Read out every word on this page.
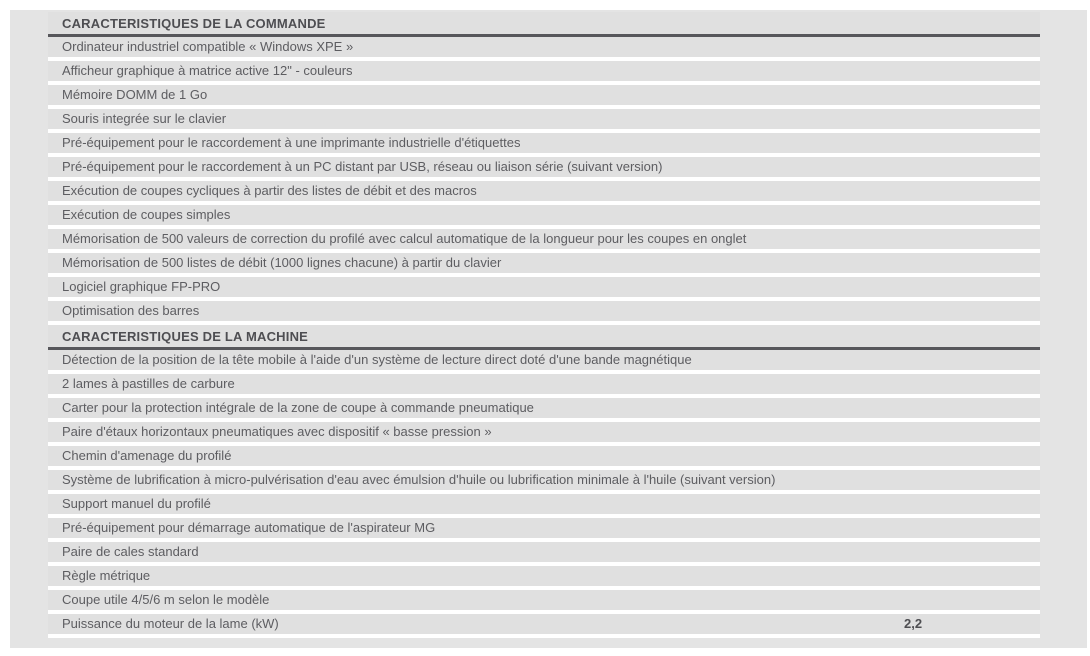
CARACTERISTIQUES DE LA COMMANDE
Ordinateur industriel compatible « Windows XPE »
Afficheur graphique à matrice active 12" - couleurs
Mémoire DOMM de 1 Go
Souris integrée sur le clavier
Pré-équipement pour le raccordement à une imprimante industrielle d'étiquettes
Pré-équipement pour le raccordement à un PC distant par USB, réseau ou liaison série (suivant version)
Exécution de coupes cycliques à partir des listes de débit et des macros
Exécution de coupes simples
Mémorisation de 500 valeurs de correction du profilé avec calcul automatique de la longueur pour les coupes en onglet
Mémorisation de 500 listes de débit (1000 lignes chacune) à partir du clavier
Logiciel graphique FP-PRO
Optimisation des barres
CARACTERISTIQUES DE LA MACHINE
Détection de la position de la tête mobile à l'aide d'un système de lecture direct doté d'une bande magnétique
2 lames à pastilles de carbure
Carter pour la protection intégrale de la zone de coupe à commande pneumatique
Paire d'étaux horizontaux pneumatiques avec dispositif « basse pression »
Chemin d'amenage du profilé
Système de lubrification à micro-pulvérisation d'eau avec émulsion d'huile ou lubrification minimale à l'huile (suivant version)
Support manuel du profilé
Pré-équipement pour démarrage automatique de l'aspirateur MG
Paire de cales standard
Règle métrique
Coupe utile 4/5/6 m selon le modèle
Puissance du moteur de la lame (kW)	2,2
